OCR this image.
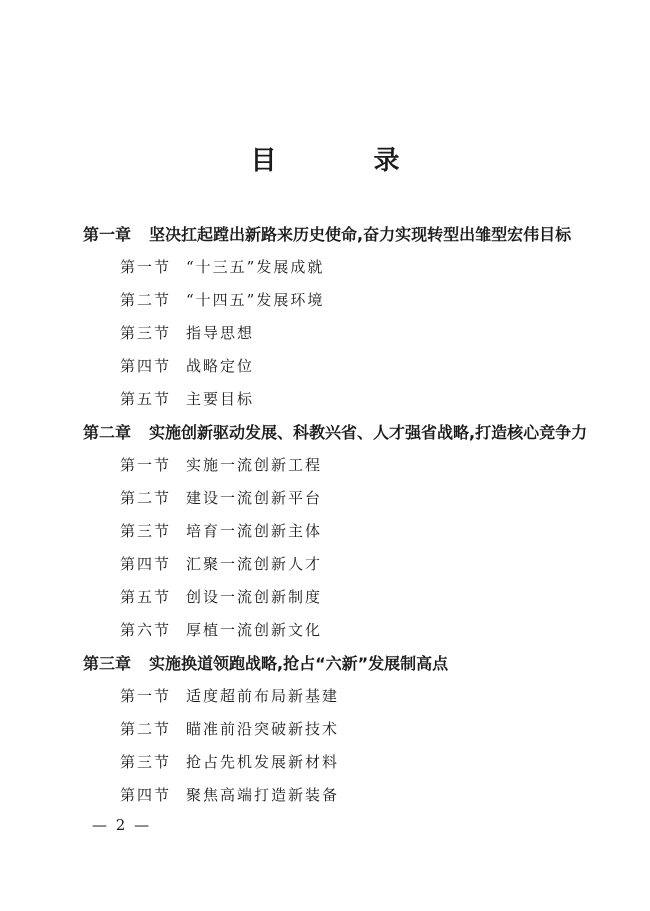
目 录
第一章	坚决扛起蹚出新路来历史使命,奋力实现转型出雏型宏伟目标
第一节 “十三五”发展成就
第二节 “十四五”发展环境
第三节 指导思想
第四节 战略定位
第五节 主要目标
第二章	实施创新驱动发展、科教兴省、人才强省战略,打造核心竞争力
第一节 实施一流创新工程
第二节 建设一流创新平台
第三节 培育一流创新主体
第四节 汇聚一流创新人才
第五节 创设一流创新制度
第六节 厚植一流创新文化
第三章	实施换道领跑战略,抢占“六新”发展制高点
第一节 适度超前布局新基建
第二节 瞄准前沿突破新技术
第三节 抢占先机发展新材料
第四节 聚焦高端打造新装备
— 2 —
